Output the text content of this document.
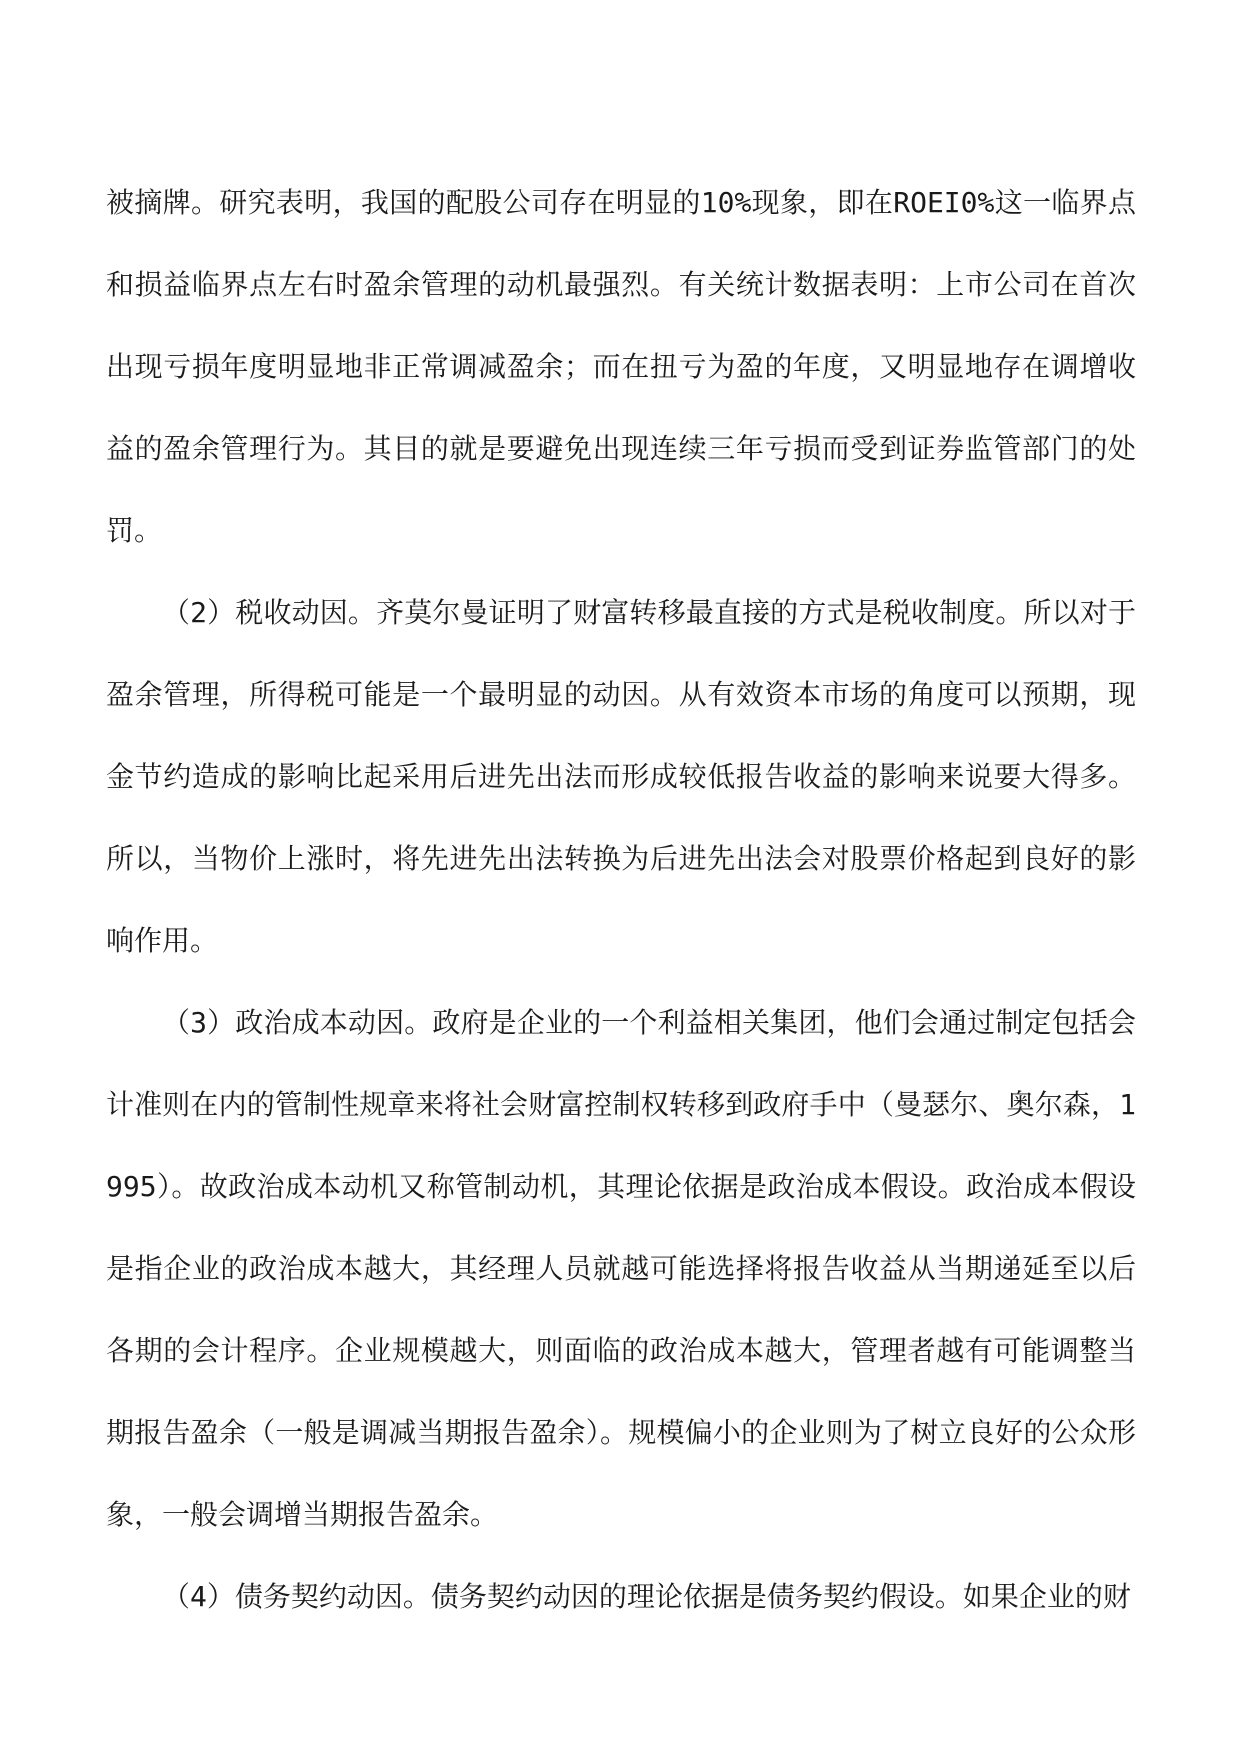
被摘牌。研究表明，我国的配股公司存在明显的10%现象，即在ROEI0%这一临界点和损益临界点左右时盈余管理的动机最强烈。有关统计数据表明：上市公司在首次出现亏损年度明显地非正常调减盈余；而在扭亏为盈的年度，又明显地存在调增收益的盈余管理行为。其目的就是要避免出现连续三年亏损而受到证券监管部门的处罚。

（2）税收动因。齐莫尔曼证明了财富转移最直接的方式是税收制度。所以对于盈余管理，所得税可能是一个最明显的动因。从有效资本市场的角度可以预期，现金节约造成的影响比起采用后进先出法而形成较低报告收益的影响来说要大得多。所以，当物价上涨时，将先进先出法转换为后进先出法会对股票价格起到良好的影响作用。

（3）政治成本动因。政府是企业的一个利益相关集团，他们会通过制定包括会计准则在内的管制性规章来将社会财富控制权转移到政府手中（曼瑟尔、奥尔森，1995）。故政治成本动机又称管制动机，其理论依据是政治成本假设。政治成本假设是指企业的政治成本越大，其经理人员就越可能选择将报告收益从当期递延至以后各期的会计程序。企业规模越大，则面临的政治成本越大，管理者越有可能调整当期报告盈余（一般是调减当期报告盈余）。规模偏小的企业则为了树立良好的公众形象，一般会调增当期报告盈余。

（4）债务契约动因。债务契约动因的理论依据是债务契约假设。如果企业的财
